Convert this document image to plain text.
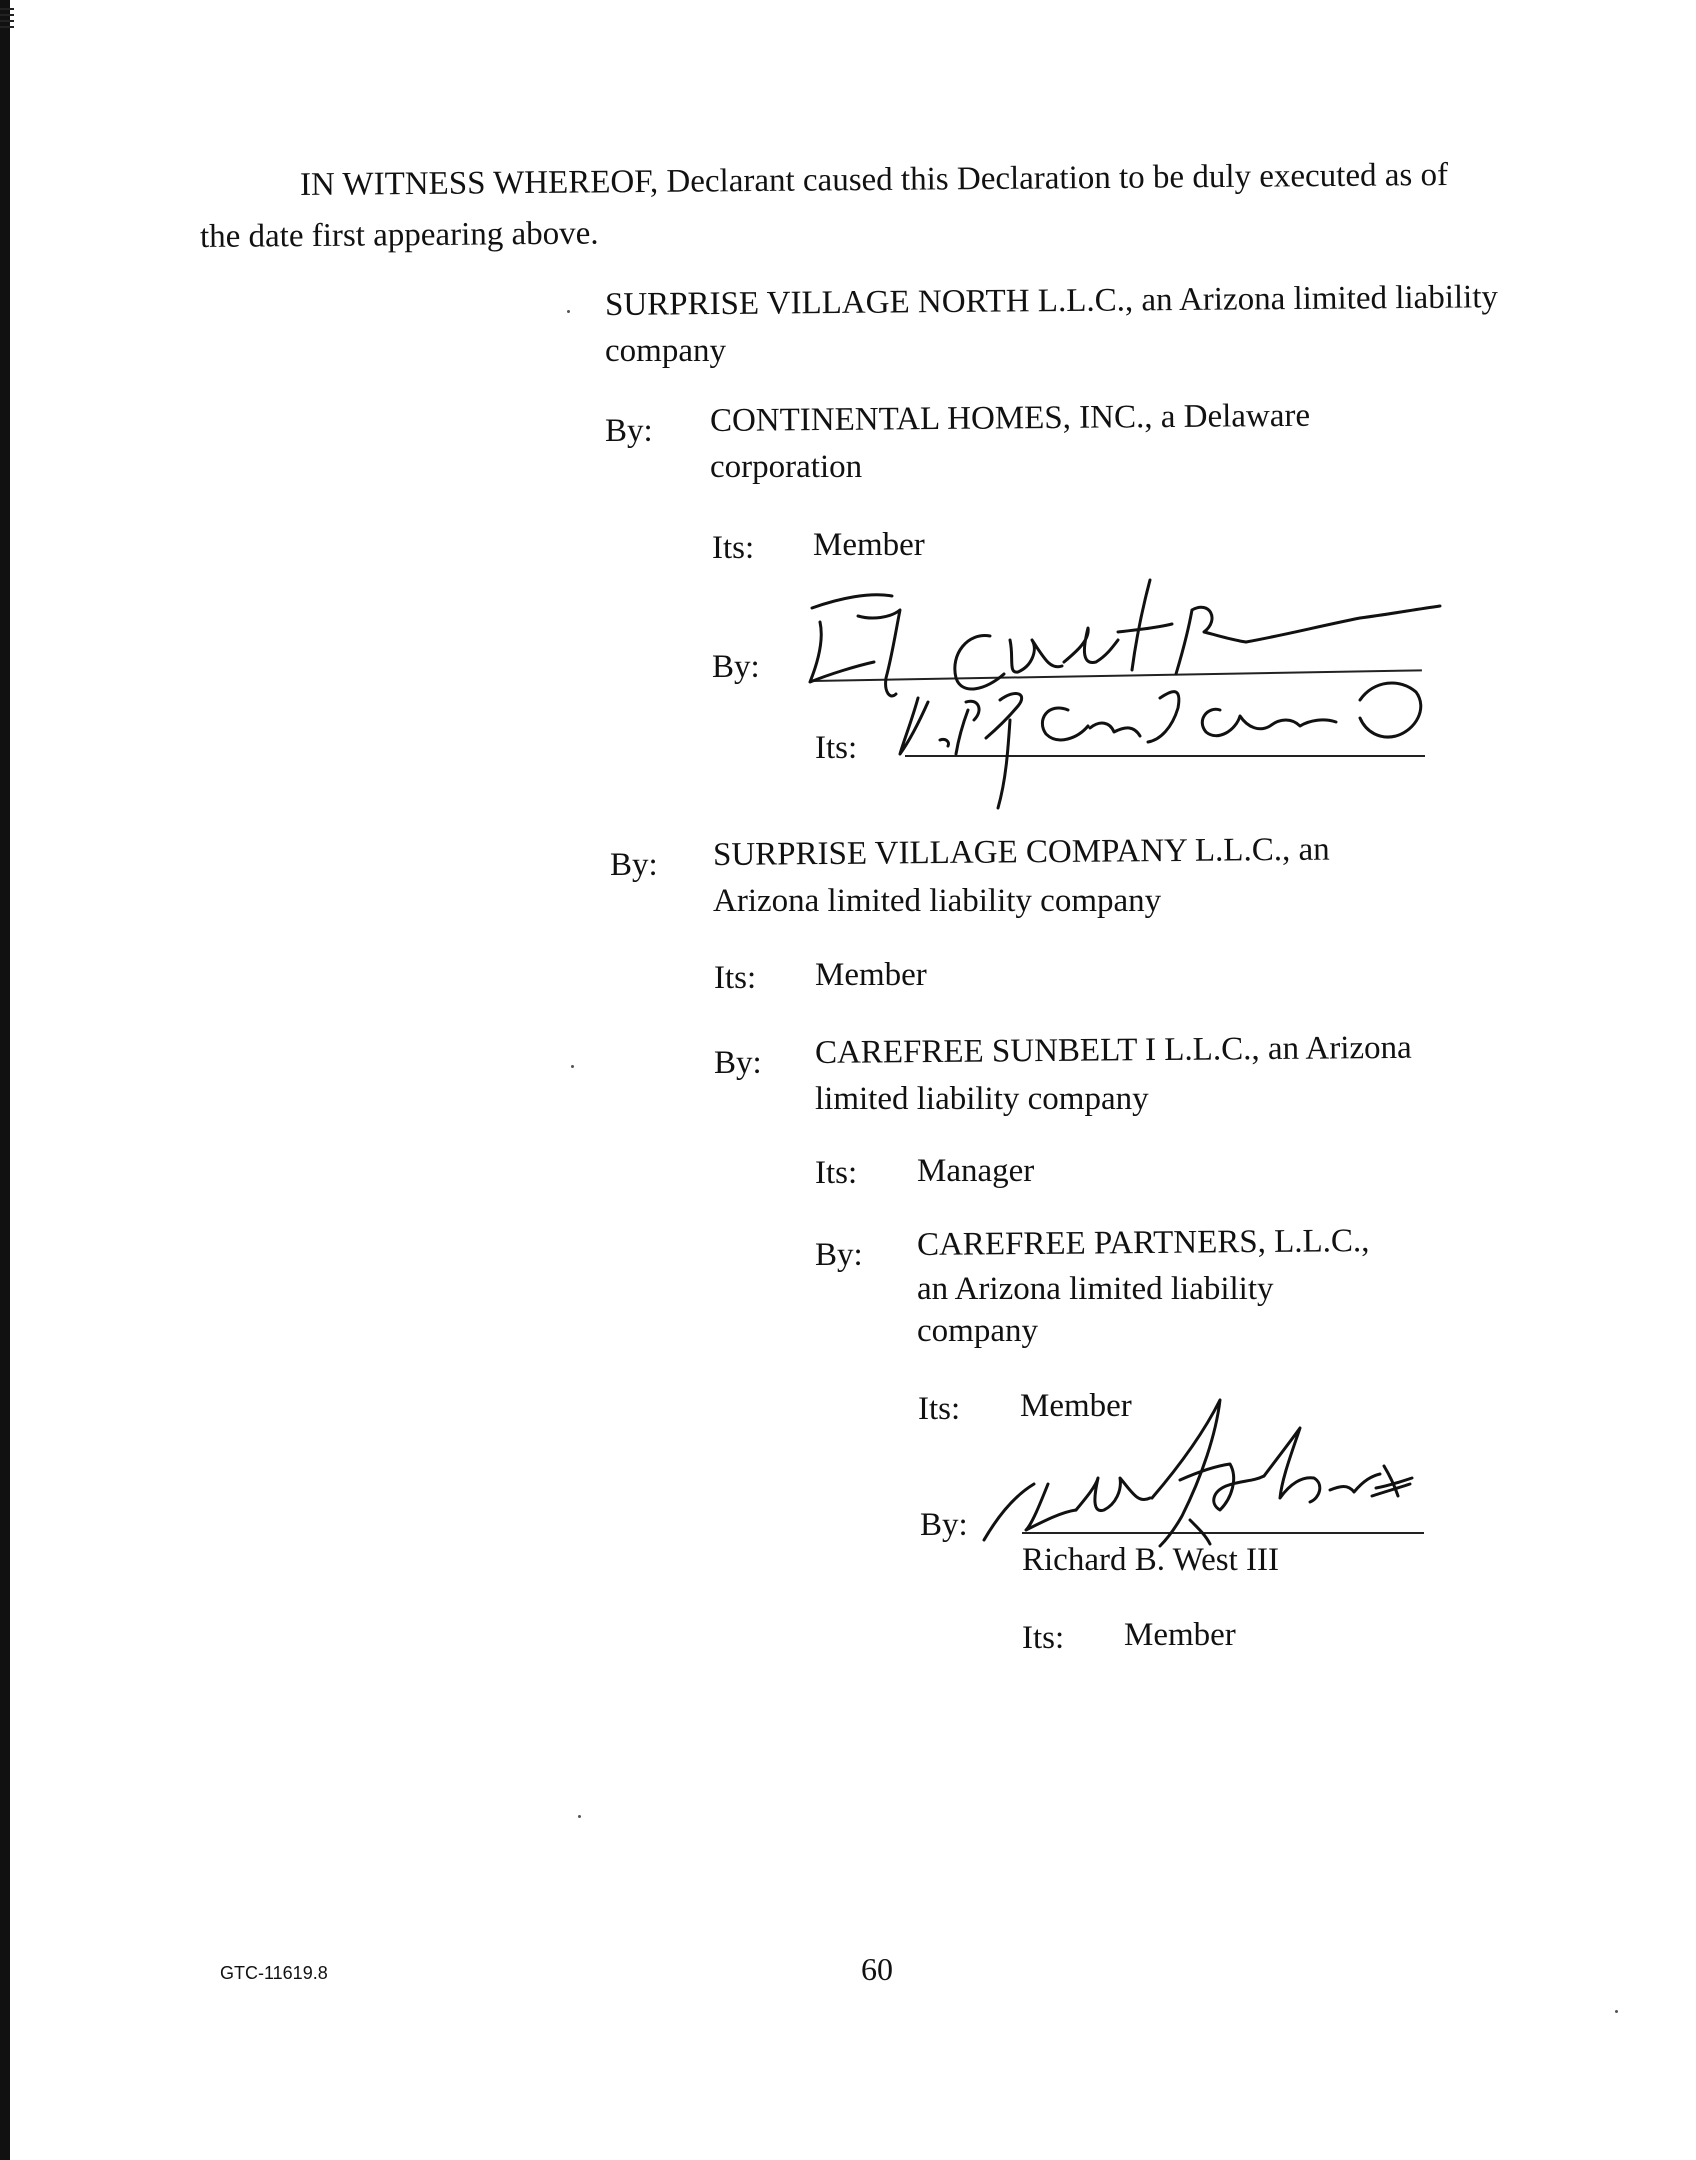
IN WITNESS WHEREOF, Declarant caused this Declaration to be duly executed as of

the date first appearing above.

SURPRISE VILLAGE NORTH L.L.C., an Arizona limited liability

company

By: CONTINENTAL HOMES, INC., a Delaware

corporation

Its: Member

By:

Its:

By: SURPRISE VILLAGE COMPANY L.L.C., an

Arizona limited liability company

Its: Member

By: CAREFREE SUNBELT I L.L.C., an Arizona

limited liability company

Its: Manager

By: CAREFREE PARTNERS, L.L.C.,

an Arizona limited liability

company

Its: Member

By:

Richard B. West III

Its: Member

GTC-11619.8	60
